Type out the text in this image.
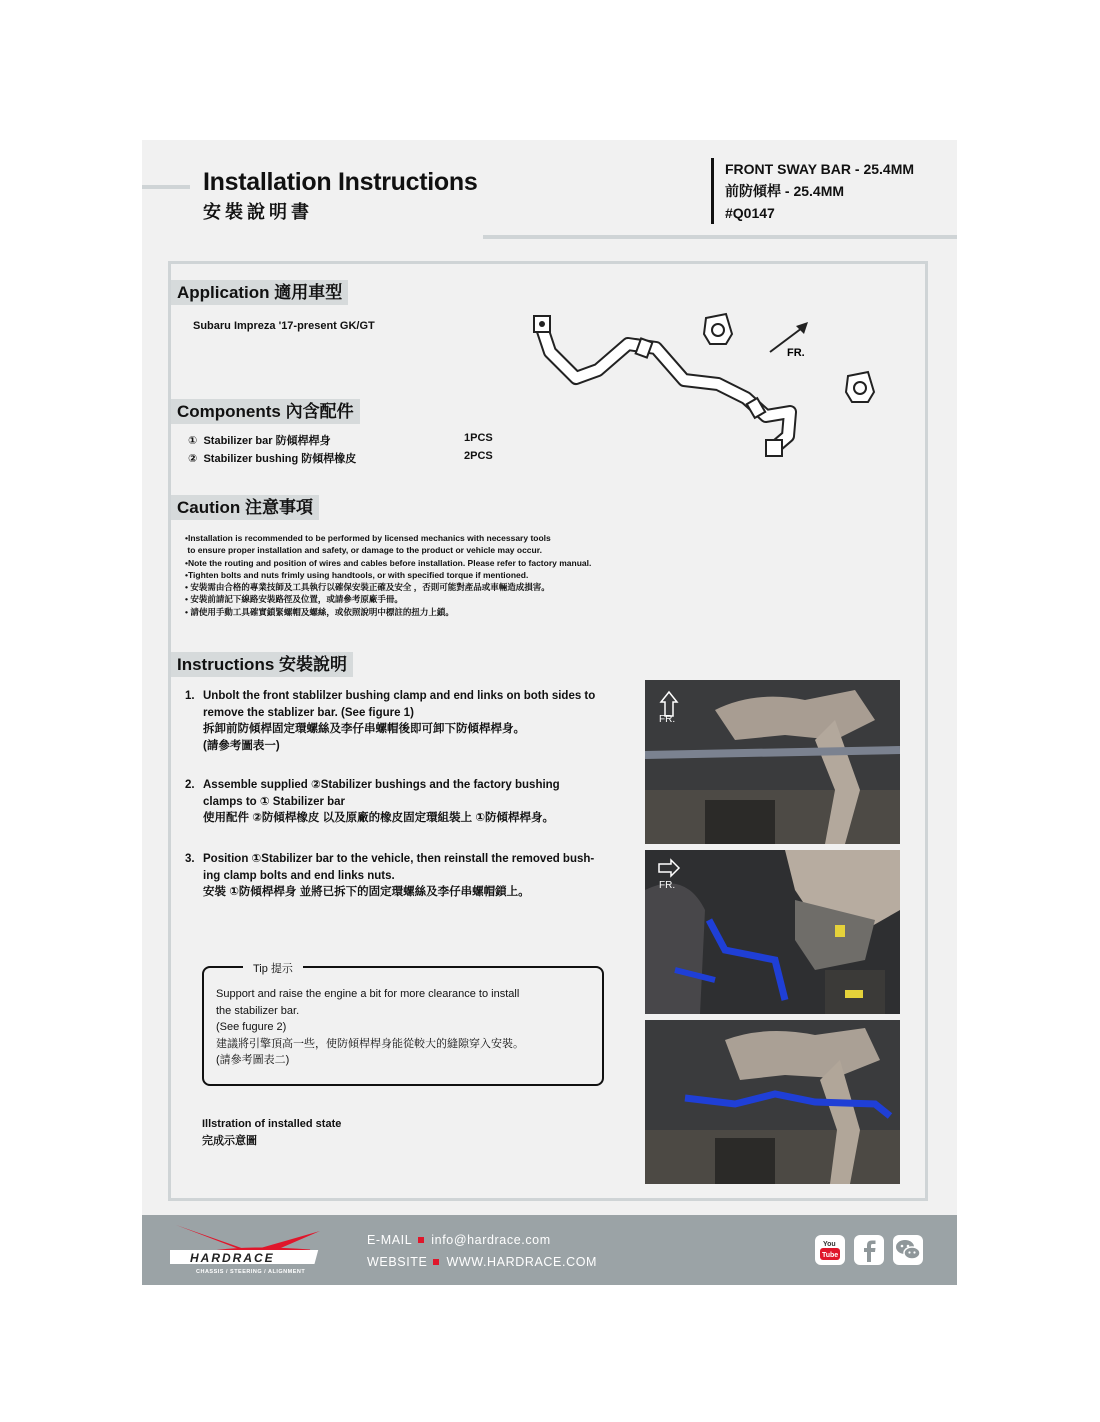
Installation Instructions
安裝說明書
FRONT SWAY BAR - 25.4MM
前防傾桿 - 25.4MM
#Q0147
Application 適用車型
Subaru Impreza '17-present GK/GT
FR.
Components 內含配件
① Stabilizer bar 防傾桿桿身	1PCS
② Stabilizer bushing 防傾桿橡皮	2PCS
Caution 注意事項
•Installation is recommended to be performed by licensed mechanics with necessary tools
to ensure proper installation and safety, or damage to the product or vehicle may occur.
•Note the routing and position of wires and cables before installation. Please refer to factory manual.
•Tighten bolts and nuts frimly using handtools, or with specified torque if mentioned.
• 安裝需由合格的專業技師及工具執行以確保安裝正確及安全 ，否則可能對產品或車輛造成損害。
• 安裝前請記下線路安裝路徑及位置，或請參考原廠手冊。
• 請使用手動工具確實鎖緊螺帽及螺絲，或依照說明中標註的扭力上鎖。
Instructions 安裝說明
1. Unbolt the front stablilzer bushing clamp and end links on both sides to
remove the stablizer bar. (See figure 1)
拆卸前防傾桿固定環螺絲及李仔串螺帽後即可卸下防傾桿桿身。
(請參考圖表一)
2. Assemble supplied ②Stabilizer bushings and the factory bushing
clamps to ① Stabilizer bar
使用配件 ②防傾桿橡皮 以及原廠的橡皮固定環組裝上 ①防傾桿桿身。
3. Position ①Stabilizer bar to the vehicle, then reinstall the removed bush-
ing clamp bolts and end links nuts.
安裝 ①防傾桿桿身 並將已拆下的固定環螺絲及李仔串螺帽鎖上。
Tip 提示
Support and raise the engine a bit for more clearance to install
the stabilizer bar.
(See fugure 2)
建議將引擎頂高一些，使防傾桿桿身能從較大的縫隙穿入安裝。
(請參考圖表二)
Illstration of installed state
完成示意圖
FR.
FR.
HARDRACE
CHASSIS / STEERING / ALIGNMENT
E-MAIL info@hardrace.com
WEBSITE WWW.HARDRACE.COM
You
Tube
